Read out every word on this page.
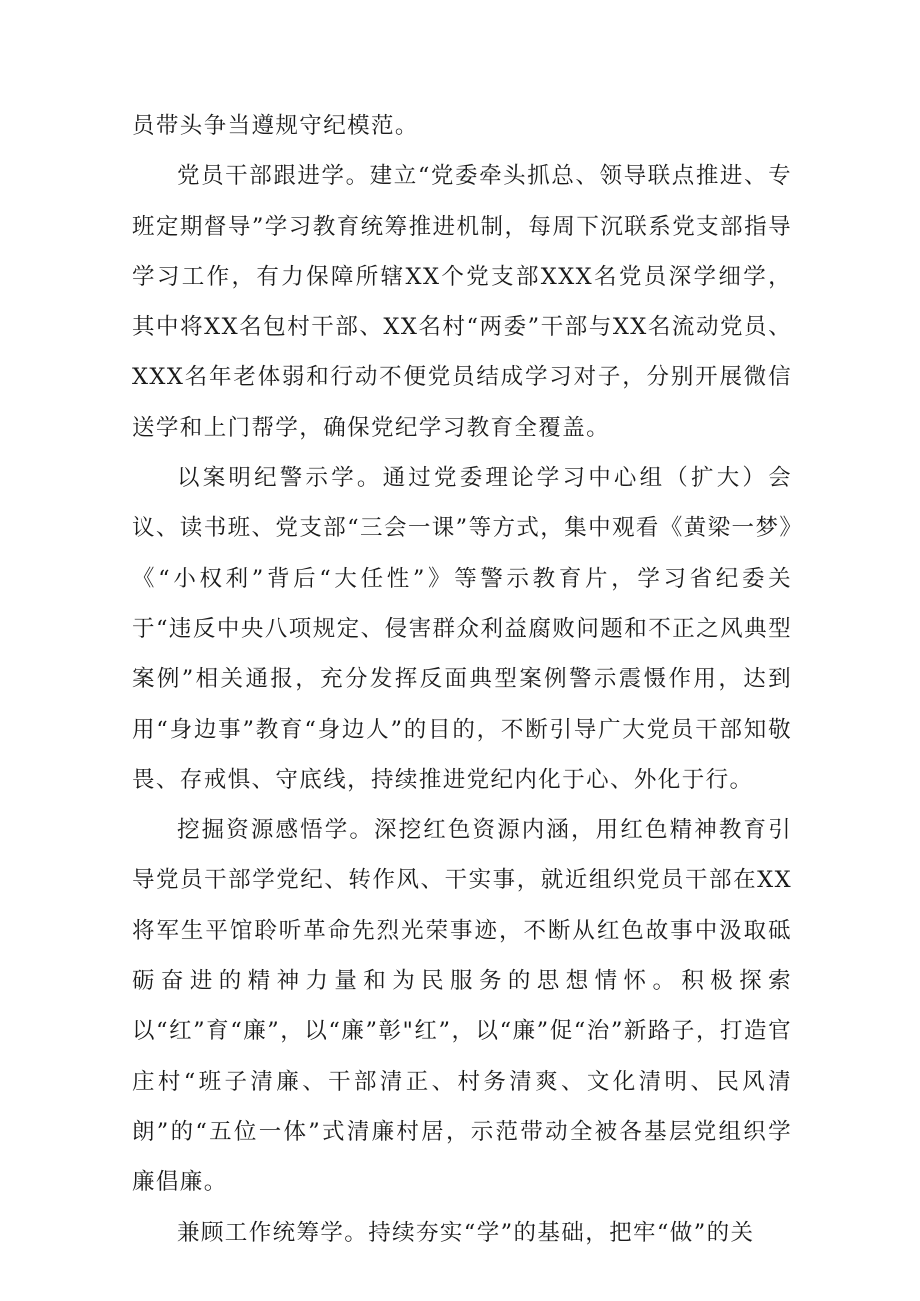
员带头争当遵规守纪模范。

党员干部跟进学。建立“党委牵头抓总、领导联点推进、专班定期督导”学习教育统筹推进机制，每周下沉联系党支部指导学习工作，有力保障所辖XX个党支部XXX名党员深学细学，其中将XX名包村干部、XX名村“两委”干部与XX名流动党员、XXX名年老体弱和行动不便党员结成学习对子，分别开展微信送学和上门帮学，确保党纪学习教育全覆盖。

以案明纪警示学。通过党委理论学习中心组（扩大）会议、读书班、党支部“三会一课”等方式，集中观看《黄梁一梦》《“小权利”背后“大任性”》等警示教育片，学习省纪委关于“违反中央八项规定、侵害群众利益腐败问题和不正之风典型案例”相关通报，充分发挥反面典型案例警示震慑作用，达到用“身边事”教育“身边人”的目的，不断引导广大党员干部知敬畏、存戒惧、守底线，持续推进党纪内化于心、外化于行。

挖掘资源感悟学。深挖红色资源内涵，用红色精神教育引导党员干部学党纪、转作风、干实事，就近组织党员干部在XX将军生平馆聆听革命先烈光荣事迹，不断从红色故事中汲取砥砺奋进的精神力量和为民服务的思想情怀。积极探索以“红”育“廉”，以“廉”彰"红”，以“廉”促“治”新路子，打造官庄村“班子清廉、干部清正、村务清爽、文化清明、民风清朗”的“五位一体”式清廉村居，示范带动全被各基层党组织学廉倡廉。

兼顾工作统筹学。持续夯实“学”的基础，把牢“做”的关
